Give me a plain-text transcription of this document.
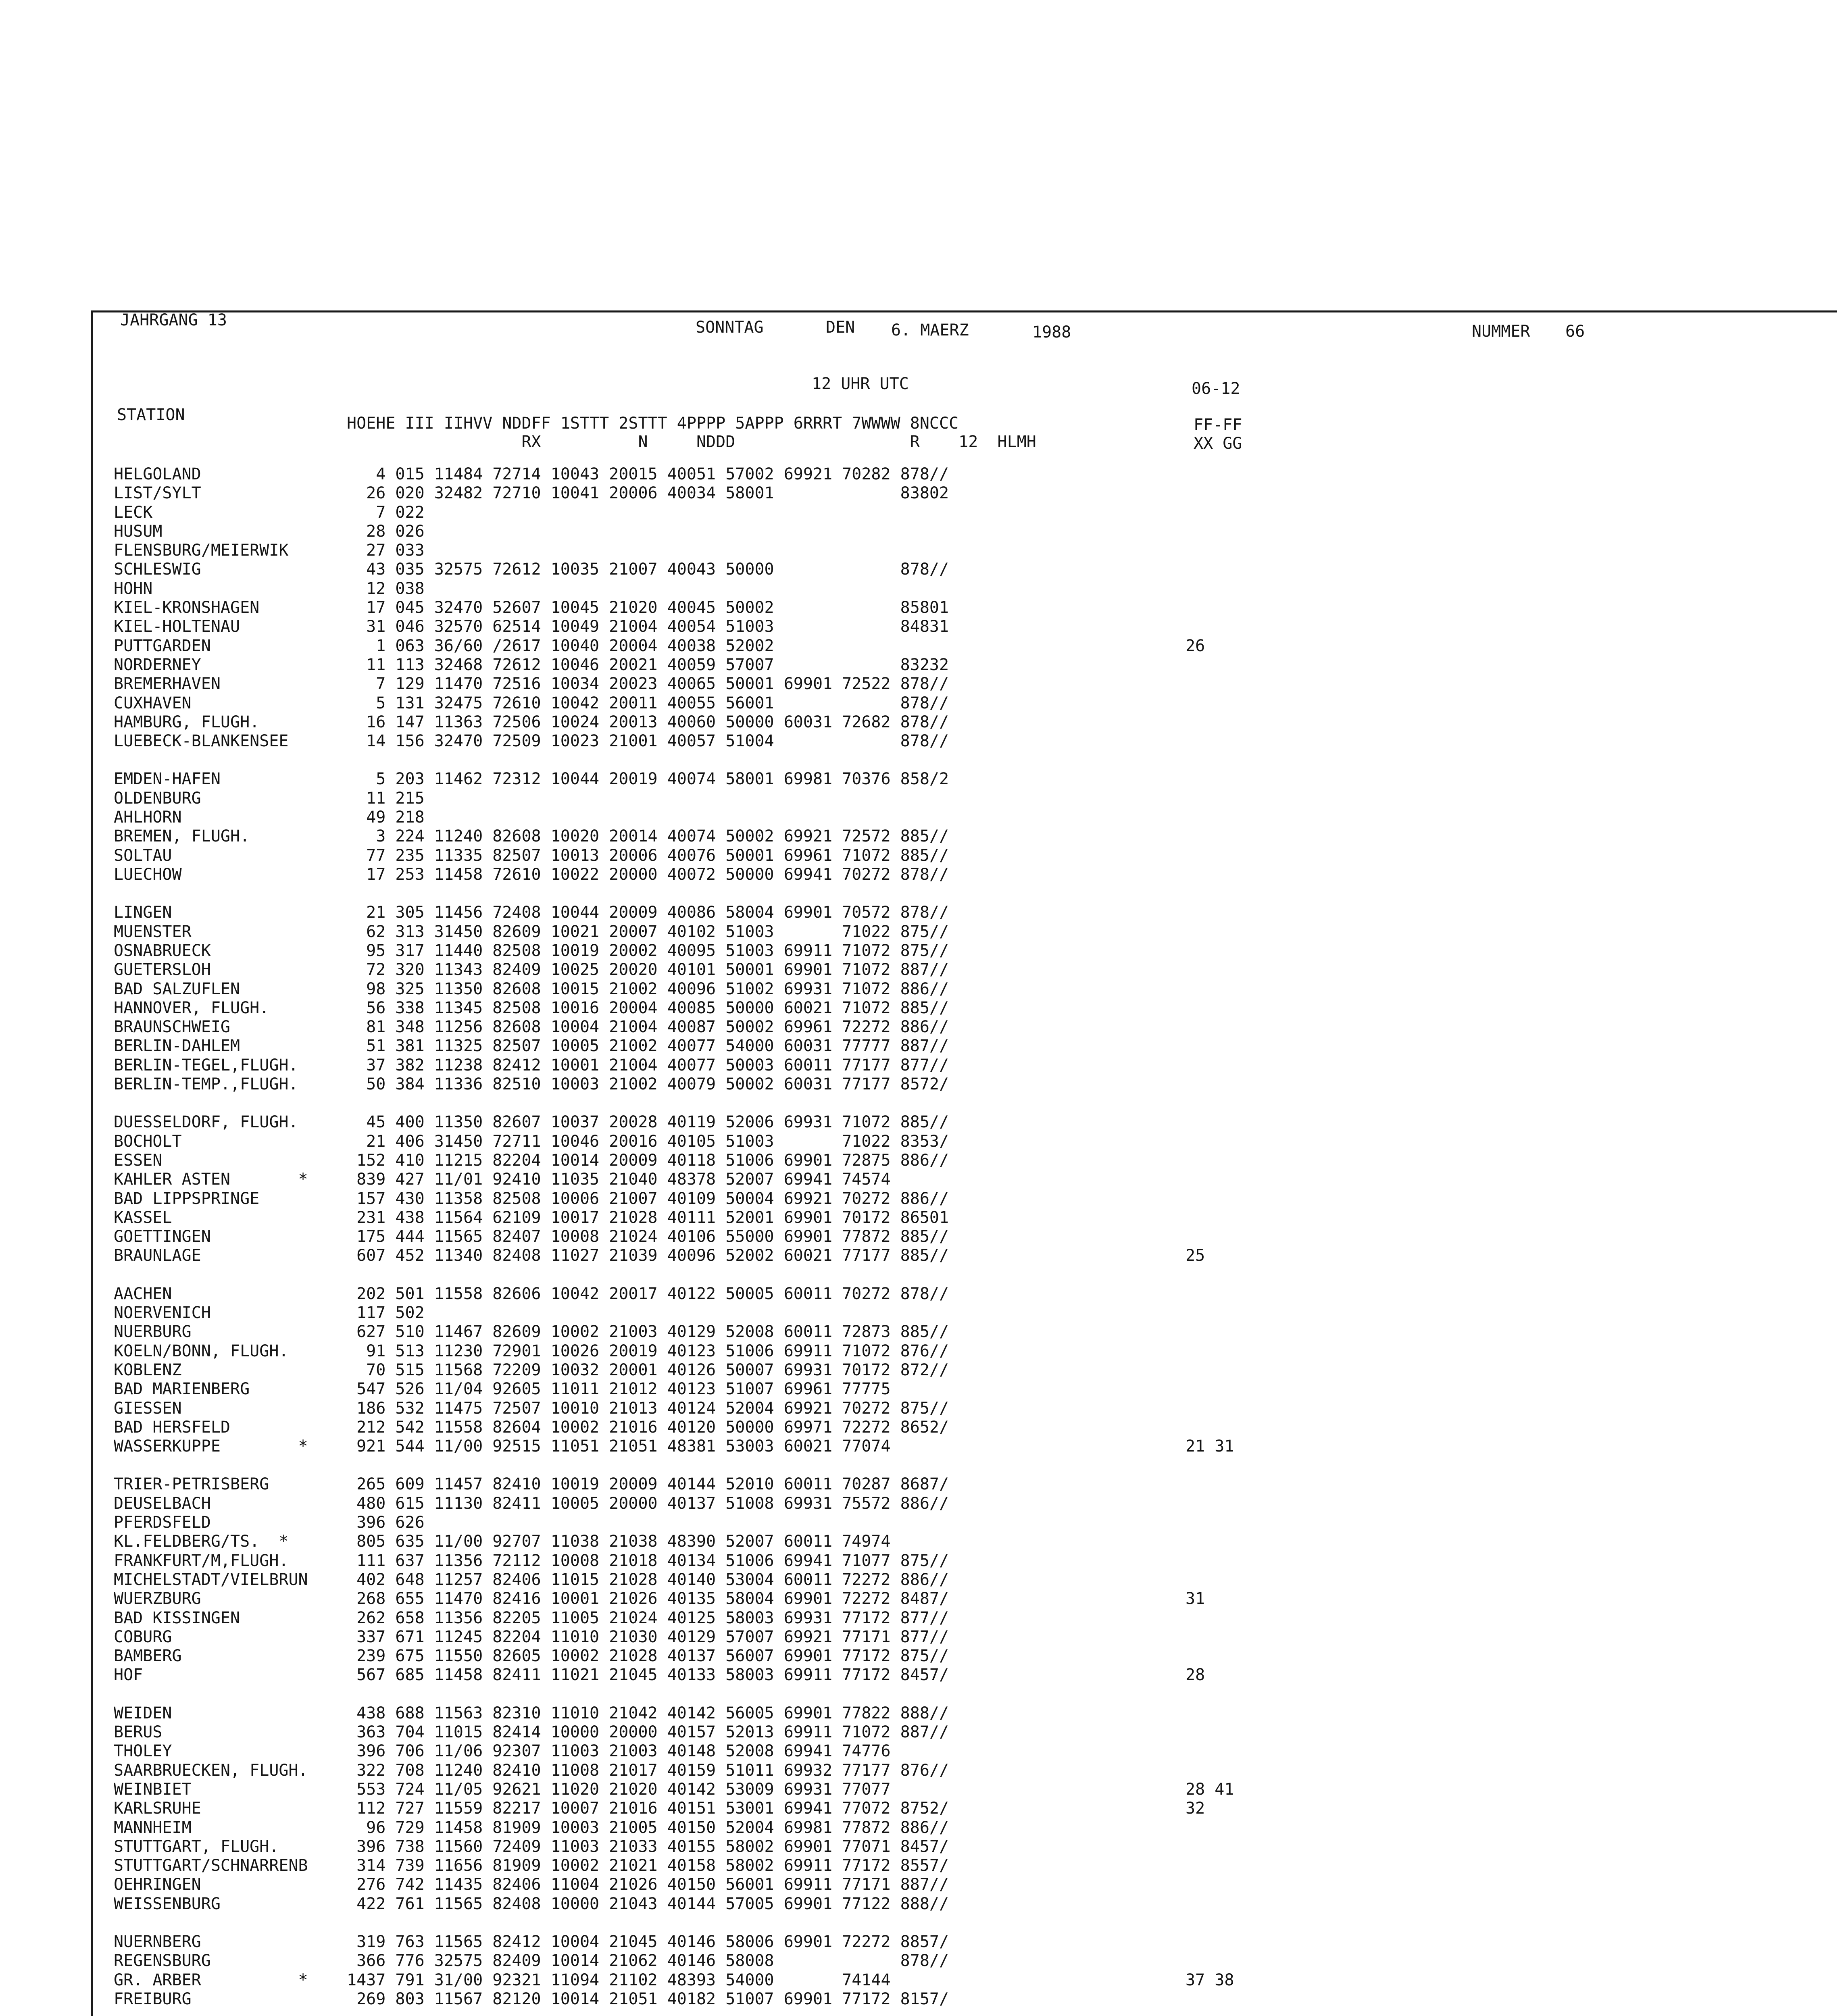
JAHRGANG 13	SONNTAG	DEN 6. MAERZ	1988	NUMMER 66
12 UHR UTC	06-12
STATION	HOEHE III IIHVV NDDFF 1STTT 2STTT 4PPPP 5APPP 6RRRT 7WWWW 8NCCC
RX          N     NDDD                  R    12  HLMH
FF-FF
XX GG
HELGOLAND	4 015 11484 72714 10043 20015 40051 57002 69921 70282 878//
LIST/SYLT	26 020 32482 72710 10041 20006 40034 58001             83802
LECK	7 022
HUSUM	28 026
FLENSBURG/MEIERWIK	27 033
SCHLESWIG	43 035 32575 72612 10035 21007 40043 50000             878//
HOHN	12 038
KIEL-KRONSHAGEN	17 045 32470 52607 10045 21020 40045 50002             85801
KIEL-HOLTENAU	31 046 32570 62514 10049 21004 40054 51003             84831
PUTTGARDEN	1 063 36/60 /2617 10040 20004 40038 52002	26
NORDERNEY	11 113 32468 72612 10046 20021 40059 57007             83232
BREMERHAVEN	7 129 11470 72516 10034 20023 40065 50001 69901 72522 878//
CUXHAVEN	5 131 32475 72610 10042 20011 40055 56001             878//
HAMBURG, FLUGH.	16 147 11363 72506 10024 20013 40060 50000 60031 72682 878//
LUEBECK-BLANKENSEE	14 156 32470 72509 10023 21001 40057 51004             878//
EMDEN-HAFEN	5 203 11462 72312 10044 20019 40074 58001 69981 70376 858/2
OLDENBURG	11 215
AHLHORN	49 218
BREMEN, FLUGH.	3 224 11240 82608 10020 20014 40074 50002 69921 72572 885//
SOLTAU	77 235 11335 82507 10013 20006 40076 50001 69961 71072 885//
LUECHOW	17 253 11458 72610 10022 20000 40072 50000 69941 70272 878//
LINGEN	21 305 11456 72408 10044 20009 40086 58004 69901 70572 878//
MUENSTER	62 313 31450 82609 10021 20007 40102 51003       71022 875//
OSNABRUECK	95 317 11440 82508 10019 20002 40095 51003 69911 71072 875//
GUETERSLOH	72 320 11343 82409 10025 20020 40101 50001 69901 71072 887//
BAD SALZUFLEN	98 325 11350 82608 10015 21002 40096 51002 69931 71072 886//
HANNOVER, FLUGH.	56 338 11345 82508 10016 20004 40085 50000 60021 71072 885//
BRAUNSCHWEIG	81 348 11256 82608 10004 21004 40087 50002 69961 72272 886//
BERLIN-DAHLEM	51 381 11325 82507 10005 21002 40077 54000 60031 77777 887//
BERLIN-TEGEL,FLUGH.	37 382 11238 82412 10001 21004 40077 50003 60011 77177 877//
BERLIN-TEMP.,FLUGH.	50 384 11336 82510 10003 21002 40079 50002 60031 77177 8572/
DUESSELDORF, FLUGH.	45 400 11350 82607 10037 20028 40119 52006 69931 71072 885//
BOCHOLT	21 406 31450 72711 10046 20016 40105 51003       71022 8353/
ESSEN	152 410 11215 82204 10014 20009 40118 51006 69901 72875 886//
KAHLER ASTEN       * 839 427 11/01 92410 11035 21040 48378 52007 69941 74574
BAD LIPPSPRINGE	157 430 11358 82508 10006 21007 40109 50004 69921 70272 886//
KASSEL	231 438 11564 62109 10017 21028 40111 52001 69901 70172 86501
GOETTINGEN	175 444 11565 82407 10008 21024 40106 55000 69901 77872 885//
BRAUNLAGE	607 452 11340 82408 11027 21039 40096 52002 60021 77177 885//	25
AACHEN	202 501 11558 82606 10042 20017 40122 50005 60011 70272 878//
NOERVENICH	117 502
NUERBURG	627 510 11467 82609 10002 21003 40129 52008 60011 72873 885//
KOELN/BONN, FLUGH.	91 513 11230 72901 10026 20019 40123 51006 69911 71072 876//
KOBLENZ	70 515 11568 72209 10032 20001 40126 50007 69931 70172 872//
BAD MARIENBERG	547 526 11/04 92605 11011 21012 40123 51007 69961 77775
GIESSEN	186 532 11475 72507 10010 21013 40124 52004 69921 70272 875//
BAD HERSFELD	212 542 11558 82604 10002 21016 40120 50000 69971 72272 8652/
WASSERKUPPE        * 921 544 11/00 92515 11051 21051 48381 53003 60021 77074	21 31
TRIER-PETRISBERG	265 609 11457 82410 10019 20009 40144 52010 60011 70287 8687/
DEUSELBACH	480 615 11130 82411 10005 20000 40137 51008 69931 75572 886//
PFERDSFELD	396 626
KL.FELDBERG/TS.  *	805 635 11/00 92707 11038 21038 48390 52007 60011 74974
FRANKFURT/M,FLUGH.	111 637 11356 72112 10008 21018 40134 51006 69941 71077 875//
MICHELSTADT/VIELBRUN 402 648 11257 82406 11015 21028 40140 53004 60011 72272 886//
WUERZBURG	268 655 11470 82416 10001 21026 40135 58004 69901 72272 8487/	31
BAD KISSINGEN	262 658 11356 82205 11005 21024 40125 58003 69931 77172 877//
COBURG	337 671 11245 82204 11010 21030 40129 57007 69921 77171 877//
BAMBERG	239 675 11550 82605 10002 21028 40137 56007 69901 77172 875//
HOF	567 685 11458 82411 11021 21045 40133 58003 69911 77172 8457/	28
WEIDEN	438 688 11563 82310 11010 21042 40142 56005 69901 77822 888//
BERUS	363 704 11015 82414 10000 20000 40157 52013 69911 71072 887//
THOLEY	396 706 11/06 92307 11003 21003 40148 52008 69941 74776
SAARBRUECKEN, FLUGH. 322 708 11240 82410 11008 21017 40159 51011 69932 77177 876//
WEINBIET	553 724 11/05 92621 11020 21020 40142 53009 69931 77077	28 41
KARLSRUHE	112 727 11559 82217 10007 21016 40151 53001 69941 77072 8752/	32
MANNHEIM	96 729 11458 81909 10003 21005 40150 52004 69981 77872 886//
STUTTGART, FLUGH.	396 738 11560 72409 11003 21033 40155 58002 69901 77071 8457/
STUTTGART/SCHNARRENB 314 739 11656 81909 10002 21021 40158 58002 69911 77172 8557/
OEHRINGEN	276 742 11435 82406 11004 21026 40150 56001 69911 77171 887//
WEISSENBURG	422 761 11565 82408 10000 21043 40144 57005 69901 77122 888//
NUERNBERG	319 763 11565 82412 10004 21045 40146 58006 69901 72272 8857/
REGENSBURG	366 776 32575 82409 10014 21062 40146 58008             878//
GR. ARBER          * 1437 791 31/00 92321 11094 21102 48393 54000       74144	37 38
FREIBURG	269 803 11567 82120 10014 21051 40182 51007 69901 77172 8157/
